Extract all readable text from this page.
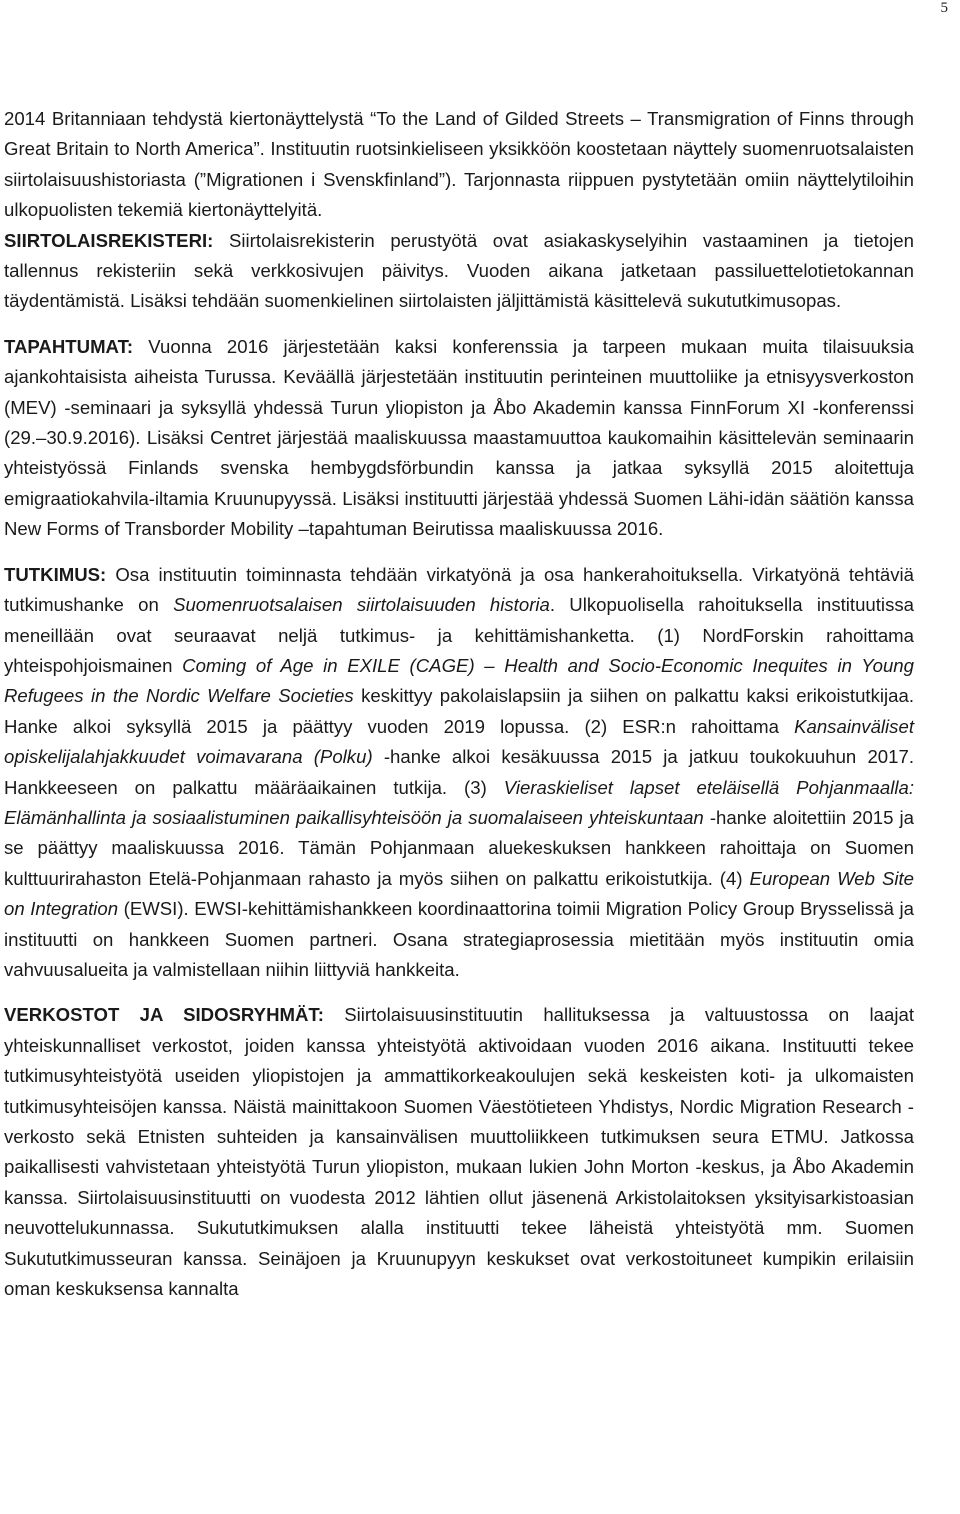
5

2014 Britanniaan tehdystä kiertonäyttelystä “To the Land of Gilded Streets – Transmigration of Finns through Great Britain to North America”. Instituutin ruotsinkieliseen yksikköön koostetaan näyttely suomenruotsalaisten siirtolaisuushistoriasta (”Migrationen i Svenskfinland”). Tarjonnasta riippuen pystytetään omiin näyttelytiloihin ulkopuolisten tekemiä kiertonäyttelyitä.

SIIRTOLAISREKISTERI: Siirtolaisrekisterin perustyötä ovat asiakaskyselyihin vastaaminen ja tietojen tallennus rekisteriin sekä verkkosivujen päivitys. Vuoden aikana jatketaan passiluettelotietokannan täydentämistä. Lisäksi tehdään suomenkielinen siirtolaisten jäljittämistä käsittelevä sukututkimusopas.

TAPAHTUMAT: Vuonna 2016 järjestetään kaksi konferenssia ja tarpeen mukaan muita tilaisuuksia ajankohtaisista aiheista Turussa. Keväällä järjestetään instituutin perinteinen muuttoliike ja etnisyysverkoston (MEV) -seminaari ja syksyllä yhdessä Turun yliopiston ja Åbo Akademin kanssa FinnForum XI -konferenssi (29.–30.9.2016). Lisäksi Centret järjestää maaliskuussa maastamuuttoa kaukomaihin käsittelevän seminaarin yhteistyössä Finlands svenska hembygdsförbundin kanssa ja jatkaa syksyllä 2015 aloitettuja emigraatiokahvila-iltamia Kruunupyyssä. Lisäksi instituutti järjestää yhdessä Suomen Lähi-idän säätiön kanssa New Forms of Transborder Mobility –tapahtuman Beirutissa maaliskuussa 2016.

TUTKIMUS: Osa instituutin toiminnasta tehdään virkatyönä ja osa hankerahoituksella. Virkatyönä tehtäviä tutkimushanke on Suomenruotsalaisen siirtolaisuuden historia. Ulkopuolisella rahoituksella instituutissa meneillään ovat seuraavat neljä tutkimus- ja kehittämishanketta. (1) NordForskin rahoittama yhteispohjoismainen Coming of Age in EXILE (CAGE) – Health and Socio-Economic Inequites in Young Refugees in the Nordic Welfare Societies keskittyy pakolaislapsiin ja siihen on palkattu kaksi erikoistutkijaa. Hanke alkoi syksyllä 2015 ja päättyy vuoden 2019 lopussa. (2) ESR:n rahoittama Kansainväliset opiskelijalahjakkuudet voimavarana (Polku) -hanke alkoi kesäkuussa 2015 ja jatkuu toukokuuhun 2017. Hankkeeseen on palkattu määräaikainen tutkija. (3) Vieraskieliset lapset eteläisellä Pohjanmaalla: Elämänhallinta ja sosiaalistuminen paikallisyhteisöön ja suomalaiseen yhteiskuntaan -hanke aloitettiin 2015 ja se päättyy maaliskuussa 2016. Tämän Pohjanmaan aluekeskuksen hankkeen rahoittaja on Suomen kulttuurirahaston Etelä-Pohjanmaan rahasto ja myös siihen on palkattu erikoistutkija. (4) European Web Site on Integration (EWSI). EWSI-kehittämishankkeen koordinaattorina toimii Migration Policy Group Brysselissä ja instituutti on hankkeen Suomen partneri. Osana strategiaprosessia mietitään myös instituutin omia vahvuusalueita ja valmistellaan niihin liittyviä hankkeita.

VERKOSTOT JA SIDOSRYHMÄT: Siirtolaisuusinstituutin hallituksessa ja valtuustossa on laajat yhteiskunnalliset verkostot, joiden kanssa yhteistyötä aktivoidaan vuoden 2016 aikana. Instituutti tekee tutkimusyhteistyötä useiden yliopistojen ja ammattikorkeakoulujen sekä keskeisten koti- ja ulkomaisten tutkimusyhteisöjen kanssa. Näistä mainittakoon Suomen Väestötieteen Yhdistys, Nordic Migration Research -verkosto sekä Etnisten suhteiden ja kansainvälisen muuttoliikkeen tutkimuksen seura ETMU. Jatkossa paikallisesti vahvistetaan yhteistyötä Turun yliopiston, mukaan lukien John Morton -keskus, ja Åbo Akademin kanssa. Siirtolaisuusinstituutti on vuodesta 2012 lähtien ollut jäsenenä Arkistolaitoksen yksityisarkistoasian neuvottelukunnassa. Sukututkimuksen alalla instituutti tekee läheistä yhteistyötä mm. Suomen Sukututkimusseuran kanssa. Seinäjoen ja Kruunupyyn keskukset ovat verkostoituneet kumpikin erilaisiin oman keskuksensa kannalta
